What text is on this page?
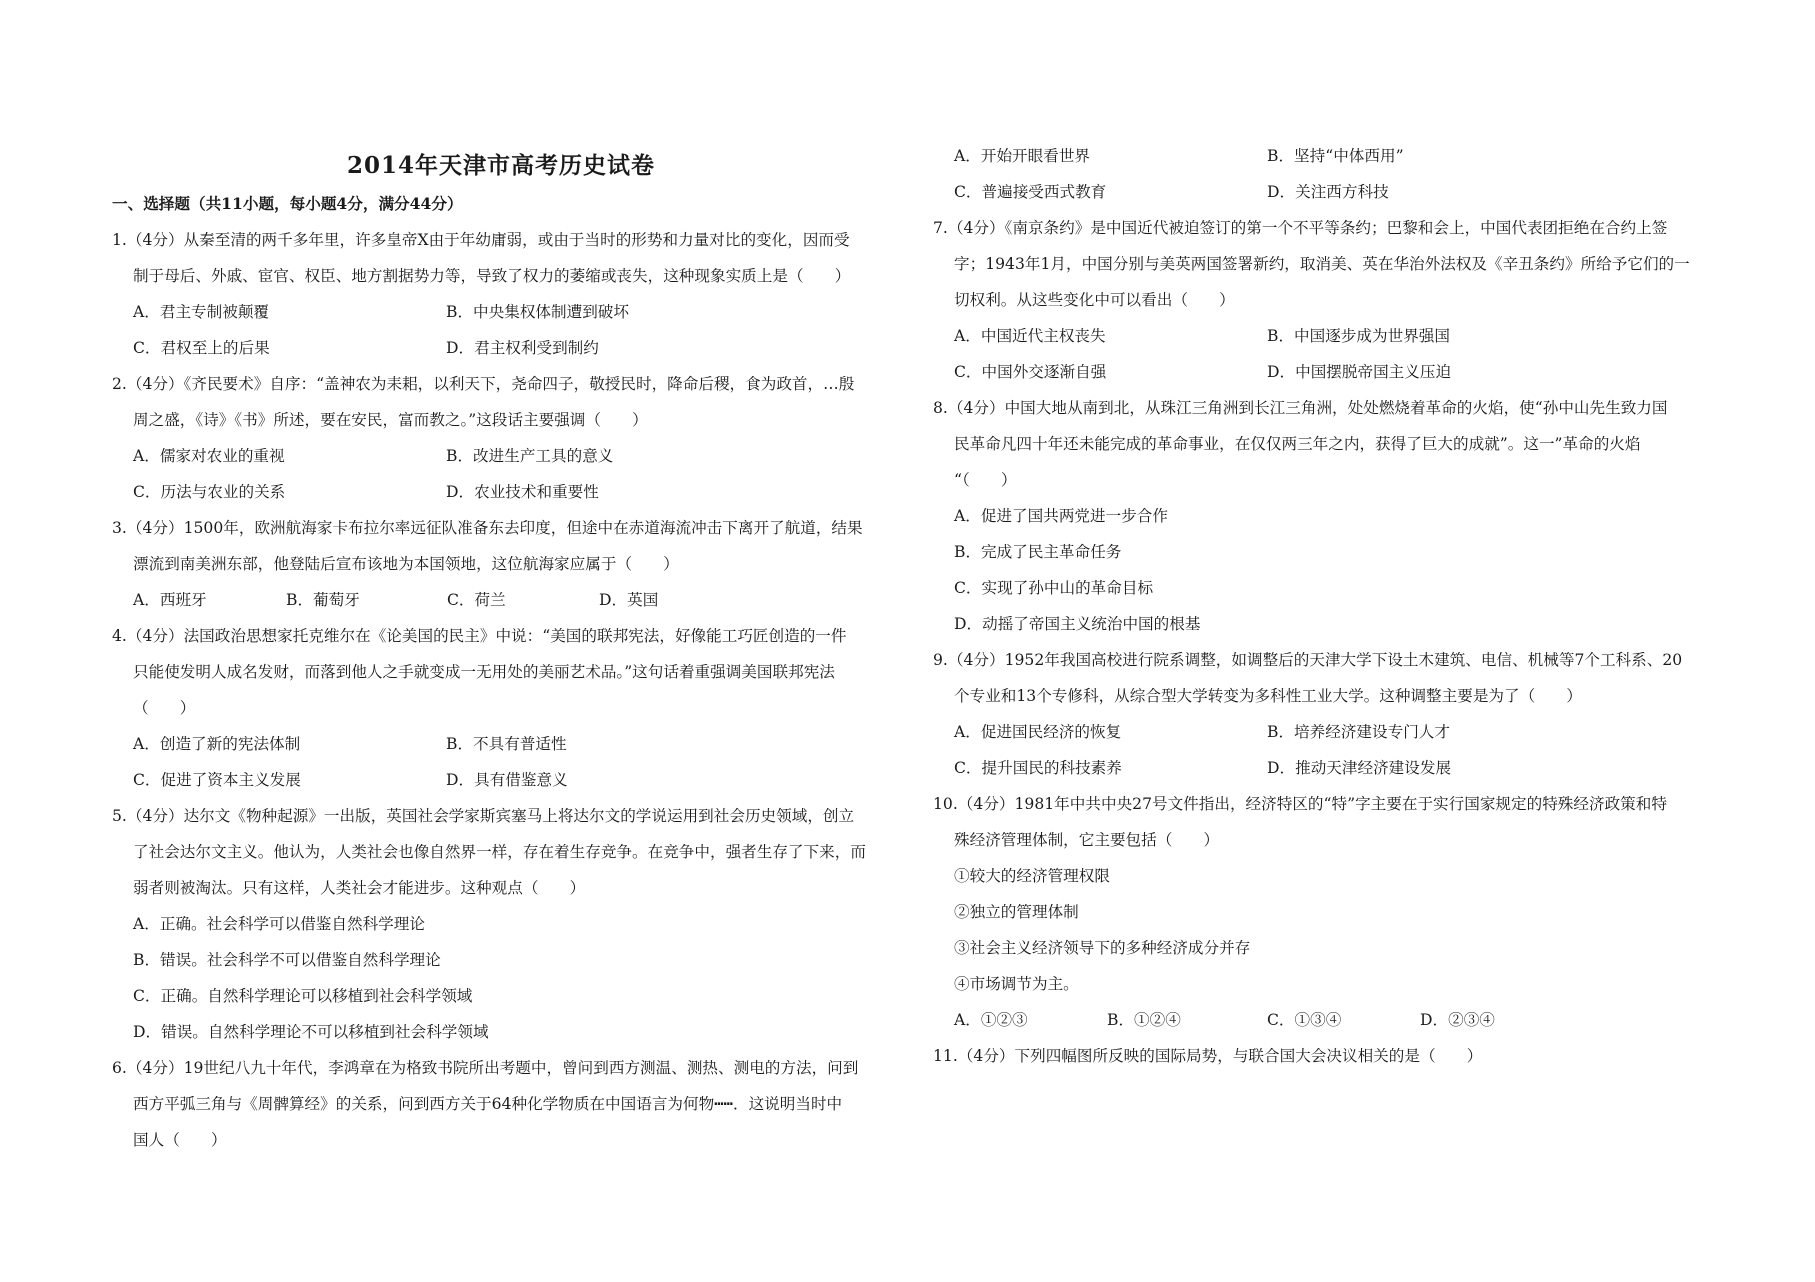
2014年天津市高考历史试卷
一、选择题（共11小题，每小题4分，满分44分）
1.（4分）从秦至清的两千多年里，许多皇帝X由于年幼庸弱，或由于当时的形势和力量对比的变化，因而受
制于母后、外戚、宦官、权臣、地方割据势力等，导致了权力的萎缩或丧失，这种现象实质上是（　　）
A．君主专制被颠覆	B．中央集权体制遭到破坏
C．君权至上的后果	D．君主权利受到制约
2.（4分）《齐民要术》自序：“盖神农为耒耜，以利天下，尧命四子，敬授民时，降命后稷，食为政首，…殷
周之盛，《诗》《书》所述，要在安民，富而教之。”这段话主要强调（　　）
A．儒家对农业的重视	B．改进生产工具的意义
C．历法与农业的关系	D．农业技术和重要性
3.（4分）1500年，欧洲航海家卡布拉尔率远征队准备东去印度，但途中在赤道海流冲击下离开了航道，结果
漂流到南美洲东部，他登陆后宣布该地为本国领地，这位航海家应属于（　　）
A．西班牙	B．葡萄牙	C．荷兰	D．英国
4.（4分）法国政治思想家托克维尔在《论美国的民主》中说：“美国的联邦宪法，好像能工巧匠创造的一件
只能使发明人成名发财，而落到他人之手就变成一无用处的美丽艺术品。”这句话着重强调美国联邦宪法
（　　）
A．创造了新的宪法体制	B．不具有普适性
C．促进了资本主义发展	D．具有借鉴意义
5.（4分）达尔文《物种起源》一出版，英国社会学家斯宾塞马上将达尔文的学说运用到社会历史领域，创立
了社会达尔文主义。他认为，人类社会也像自然界一样，存在着生存竞争。在竞争中，强者生存了下来，而
弱者则被淘汰。只有这样，人类社会才能进步。这种观点（　　）
A．正确。社会科学可以借鉴自然科学理论
B．错误。社会科学不可以借鉴自然科学理论
C．正确。自然科学理论可以移植到社会科学领域
D．错误。自然科学理论不可以移植到社会科学领域
6.（4分）19世纪八九十年代，李鸿章在为格致书院所出考题中，曾问到西方测温、测热、测电的方法，问到
西方平弧三角与《周髀算经》的关系，问到西方关于64种化学物质在中国语言为何物┅┅．这说明当时中
国人（　　）
A．开始开眼看世界	B．坚持“中体西用”
C．普遍接受西式教育	D．关注西方科技
7.（4分）《南京条约》是中国近代被迫签订的第一个不平等条约；巴黎和会上，中国代表团拒绝在合约上签
字；1943年1月，中国分别与美英两国签署新约，取消美、英在华治外法权及《辛丑条约》所给予它们的一
切权利。从这些变化中可以看出（　　）
A．中国近代主权丧失	B．中国逐步成为世界强国
C．中国外交逐渐自强	D．中国摆脱帝国主义压迫
8.（4分）中国大地从南到北，从珠江三角洲到长江三角洲，处处燃烧着革命的火焰，使“孙中山先生致力国
民革命凡四十年还未能完成的革命事业，在仅仅两三年之内，获得了巨大的成就”。这一”革命的火焰
“（　　）
A．促进了国共两党进一步合作
B．完成了民主革命任务
C．实现了孙中山的革命目标
D．动摇了帝国主义统治中国的根基
9.（4分）1952年我国高校进行院系调整，如调整后的天津大学下设土木建筑、电信、机械等7个工科系、20
个专业和13个专修科，从综合型大学转变为多科性工业大学。这种调整主要是为了（　　）
A．促进国民经济的恢复	B．培养经济建设专门人才
C．提升国民的科技素养	D．推动天津经济建设发展
10.（4分）1981年中共中央27号文件指出，经济特区的“特”字主要在于实行国家规定的特殊经济政策和特
殊经济管理体制，它主要包括（　　）
①较大的经济管理权限
②独立的管理体制
③社会主义经济领导下的多种经济成分并存
④市场调节为主。
A．①②③	B．①②④	C．①③④	D．②③④
11.（4分）下列四幅图所反映的国际局势，与联合国大会决议相关的是（　　）
